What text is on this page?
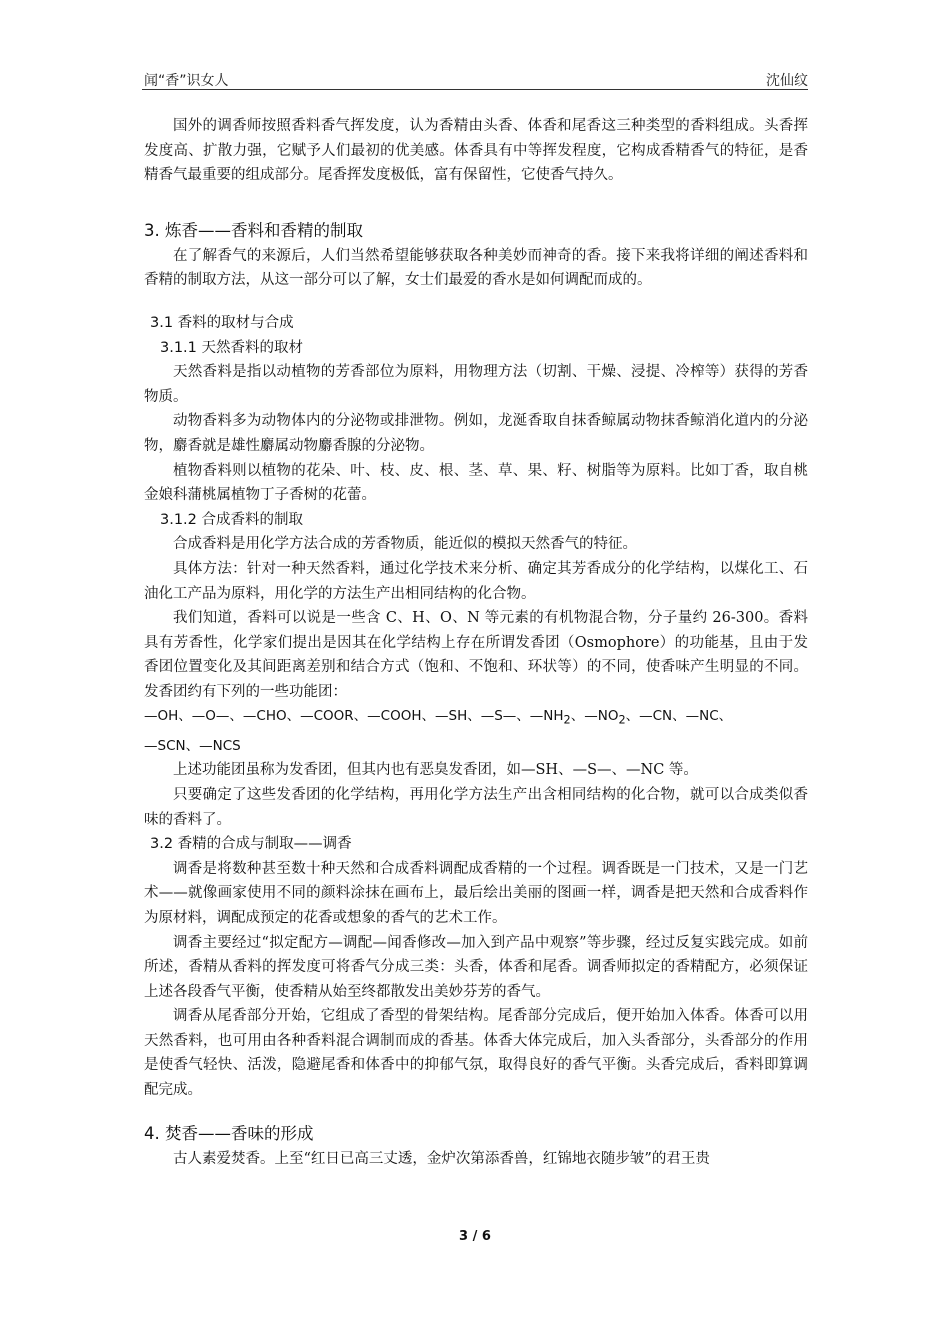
闻“香”识女人	沈仙纹

国外的调香师按照香料香气挥发度，认为香精由头香、体香和尾香这三种类型的香料组成。头香挥发度高、扩散力强，它赋予人们最初的优美感。体香具有中等挥发程度，它构成香精香气的特征，是香精香气最重要的组成部分。尾香挥发度极低，富有保留性，它使香气持久。

3. 炼香——香料和香精的制取

在了解香气的来源后，人们当然希望能够获取各种美妙而神奇的香。接下来我将详细的阐述香料和香精的制取方法，从这一部分可以了解，女士们最爱的香水是如何调配而成的。

3.1 香料的取材与合成
3.1.1 天然香料的取材

天然香料是指以动植物的芳香部位为原料，用物理方法（切割、干燥、浸提、冷榨等）获得的芳香物质。

动物香料多为动物体内的分泌物或排泄物。例如，龙涎香取自抹香鲸属动物抹香鲸消化道内的分泌物，麝香就是雄性麝属动物麝香腺的分泌物。

植物香料则以植物的花朵、叶、枝、皮、根、茎、草、果、籽、树脂等为原料。比如丁香，取自桃金娘科蒲桃属植物丁子香树的花蕾。

3.1.2 合成香料的制取

合成香料是用化学方法合成的芳香物质，能近似的模拟天然香气的特征。

具体方法：针对一种天然香料，通过化学技术来分析、确定其芳香成分的化学结构，以煤化工、石油化工产品为原料，用化学的方法生产出相同结构的化合物。

我们知道，香料可以说是一些含 C、H、O、N 等元素的有机物混合物，分子量约 26-300。香料具有芳香性，化学家们提出是因其在化学结构上存在所谓发香团（Osmophore）的功能基，且由于发香团位置变化及其间距离差别和结合方式（饱和、不饱和、环状等）的不同，使香味产生明显的不同。发香团约有下列的一些功能团：

—OH、—O—、—CHO、—COOR、—COOH、—SH、—S—、$—NH_2$、$—NO_2$、—CN、—NC、

—SCN、—NCS

上述功能团虽称为发香团，但其内也有恶臭发香团，如—SH、—S—、—NC 等。

只要确定了这些发香团的化学结构，再用化学方法生产出含相同结构的化合物，就可以合成类似香味的香料了。

3.2 香精的合成与制取——调香

调香是将数种甚至数十种天然和合成香料调配成香精的一个过程。调香既是一门技术，又是一门艺术——就像画家使用不同的颜料涂抹在画布上，最后绘出美丽的图画一样，调香是把天然和合成香料作为原材料，调配成预定的花香或想象的香气的艺术工作。

调香主要经过“拟定配方—调配—闻香修改—加入到产品中观察”等步骤，经过反复实践完成。如前所述，香精从香料的挥发度可将香气分成三类：头香，体香和尾香。调香师拟定的香精配方，必须保证上述各段香气平衡，使香精从始至终都散发出美妙芬芳的香气。

调香从尾香部分开始，它组成了香型的骨架结构。尾香部分完成后，便开始加入体香。体香可以用天然香料，也可用由各种香料混合调制而成的香基。体香大体完成后，加入头香部分，头香部分的作用是使香气轻快、活泼，隐避尾香和体香中的抑郁气氛，取得良好的香气平衡。头香完成后，香料即算调配完成。

4. 焚香——香味的形成

古人素爱焚香。上至“红日已高三丈透，金炉次第添香兽，红锦地衣随步皱”的君王贵

3 / 6
